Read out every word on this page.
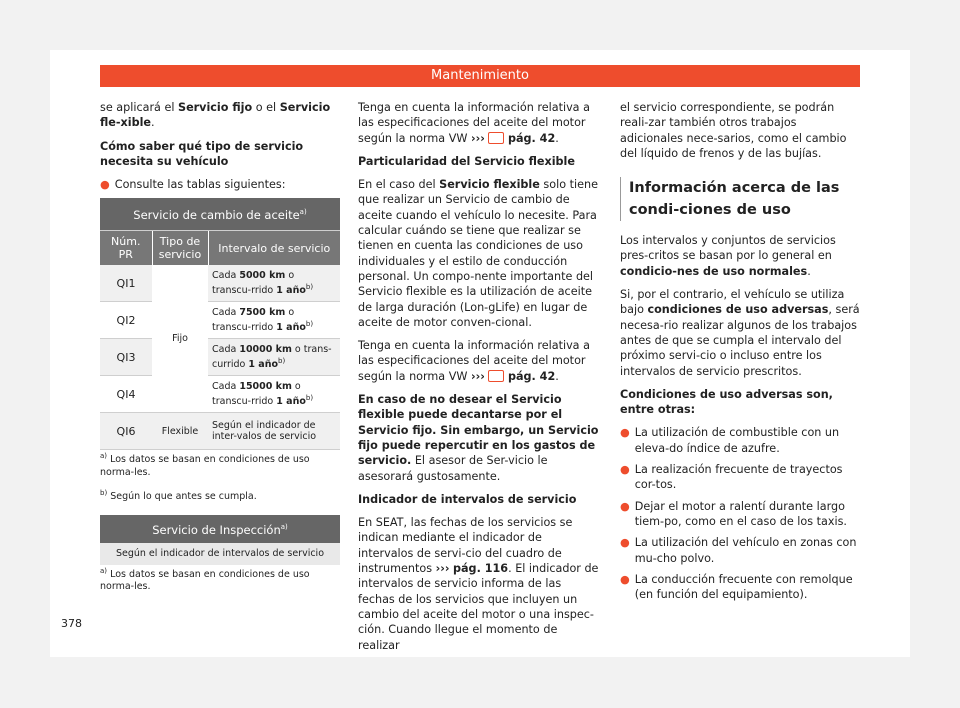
Mantenimiento

se aplicará el Servicio fijo o el Servicio fle-xible.

Cómo saber qué tipo de servicio necesita su vehículo

● Consulte las tablas siguientes:
Servicio de cambio de aceite$^{a)}$
Núm. PR	Tipo de servicio	Intervalo de servicio
QI1	Fijo	Cada 5000 km o transcu-rrido 1 año$^{b)}$
QI2		Cada 7500 km o transcu-rrido 1 año$^{b)}$
QI3		Cada 10000 km o trans-currido 1 año$^{b)}$
QI4		Cada 15000 km o transcu-rrido 1 año$^{b)}$
QI6	Flexible	Según el indicador de inter-valos de servicio

$^{a)}$ Los datos se basan en condiciones de uso norma-les.

$^{b)}$ Según lo que antes se cumpla.

Servicio de Inspección$^{a)}$
Según el indicador de intervalos de servicio

$^{a)}$ Los datos se basan en condiciones de uso norma-les.

Tenga en cuenta la información relativa a las especificaciones del aceite del motor según la norma VW ››› pág. 42.

Particularidad del Servicio flexible

En el caso del Servicio flexible solo tiene que realizar un Servicio de cambio de aceite cuando el vehículo lo necesite. Para calcular cuándo se tiene que realizar se tienen en cuenta las condiciones de uso individuales y el estilo de conducción personal. Un compo-nente importante del Servicio flexible es la utilización de aceite de larga duración (Lon-gLife) en lugar de aceite de motor conven-cional.

Tenga en cuenta la información relativa a las especificaciones del aceite del motor según la norma VW ››› pág. 42.

En caso de no desear el Servicio flexible puede decantarse por el Servicio fijo. Sin embargo, un Servicio fijo puede repercutir en los gastos de servicio. El asesor de Ser-vicio le asesorará gustosamente.

Indicador de intervalos de servicio

En SEAT, las fechas de los servicios se indican mediante el indicador de intervalos de servi-cio del cuadro de instrumentos ››› pág. 116. El indicador de intervalos de servicio informa de las fechas de los servicios que incluyen un cambio del aceite del motor o una inspec-ción. Cuando llegue el momento de realizar

el servicio correspondiente, se podrán reali-zar también otros trabajos adicionales nece-sarios, como el cambio del líquido de frenos y de las bujías.

Información acerca de las condi-ciones de uso

Los intervalos y conjuntos de servicios pres-critos se basan por lo general en condicio-nes de uso normales.

Si, por el contrario, el vehículo se utiliza bajo condiciones de uso adversas, será necesa-rio realizar algunos de los trabajos antes de que se cumpla el intervalo del próximo servi-cio o incluso entre los intervalos de servicio prescritos.

Condiciones de uso adversas son, entre otras:

● La utilización de combustible con un eleva-do índice de azufre.
● La realización frecuente de trayectos cor-tos.
● Dejar el motor a ralentí durante largo tiem-po, como en el caso de los taxis.
● La utilización del vehículo en zonas con mu-cho polvo.
● La conducción frecuente con remolque (en función del equipamiento).
378
